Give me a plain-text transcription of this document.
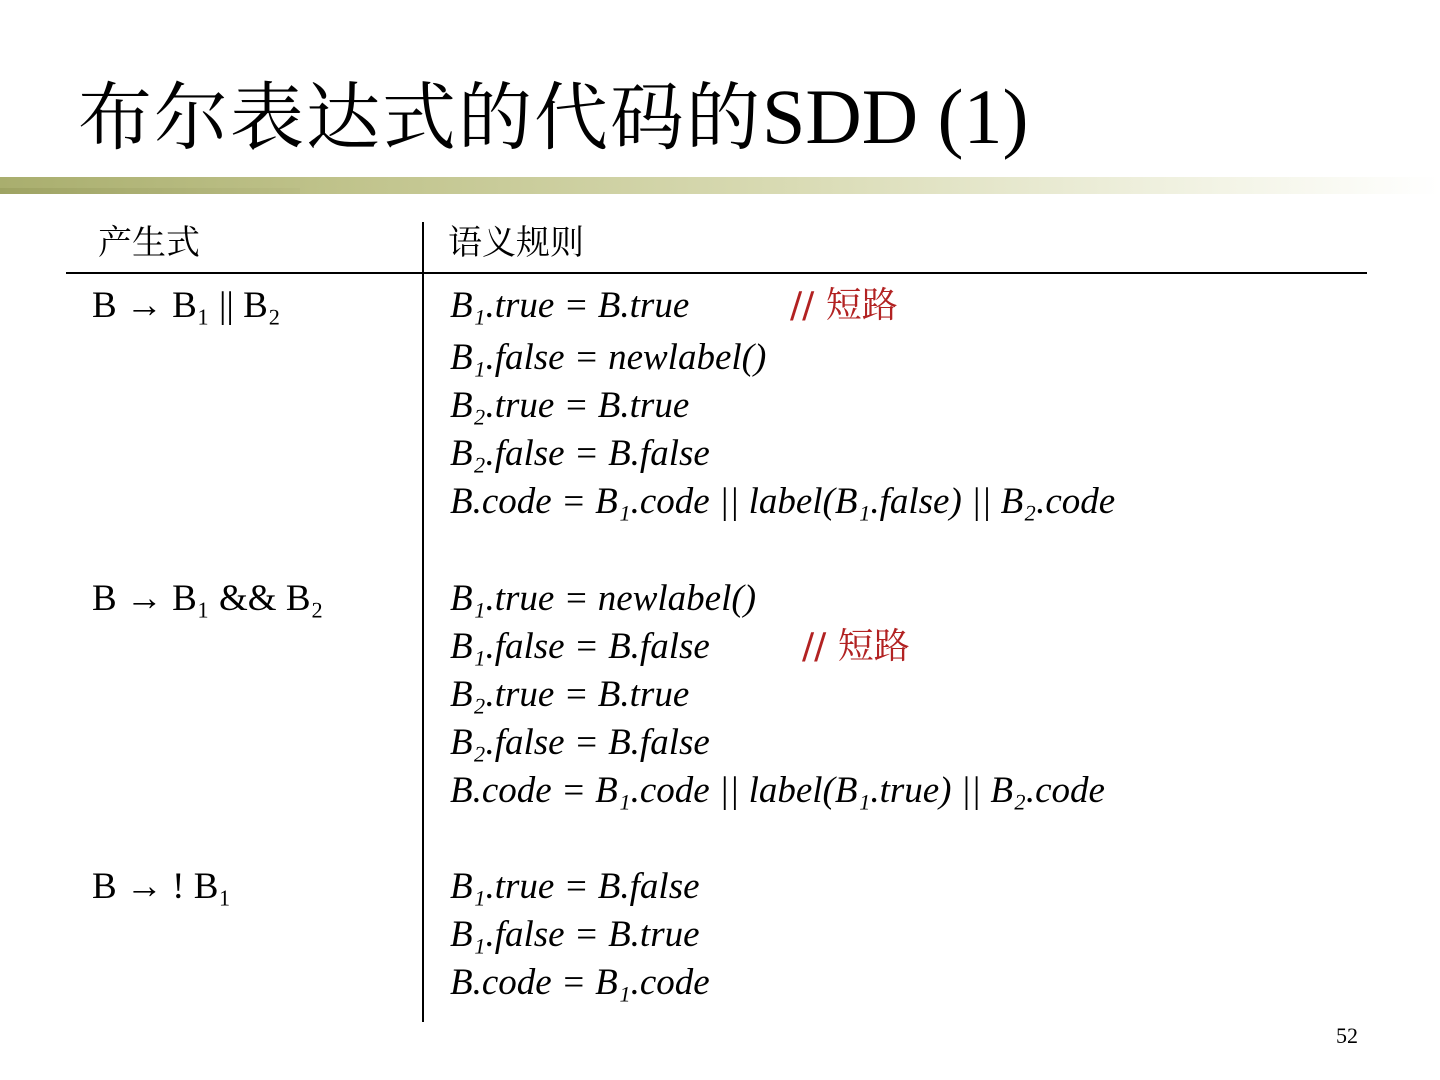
布尔表达式的代码的SDD (1)
产生式	语义规则
B → B₁ || B₂	B₁.true = B.true	// 短路
B₁.false = newlabel()
B₂.true = B.true
B₂.false = B.false
B.code = B₁.code || label(B₁.false) || B₂.code
B → B₁ && B₂	B₁.true = newlabel()
B₁.false = B.false	// 短路
B₂.true = B.true
B₂.false = B.false
B.code = B₁.code || label(B₁.true) || B₂.code
B → ! B₁	B₁.true = B.false
B₁.false = B.true
B.code = B₁.code
52
